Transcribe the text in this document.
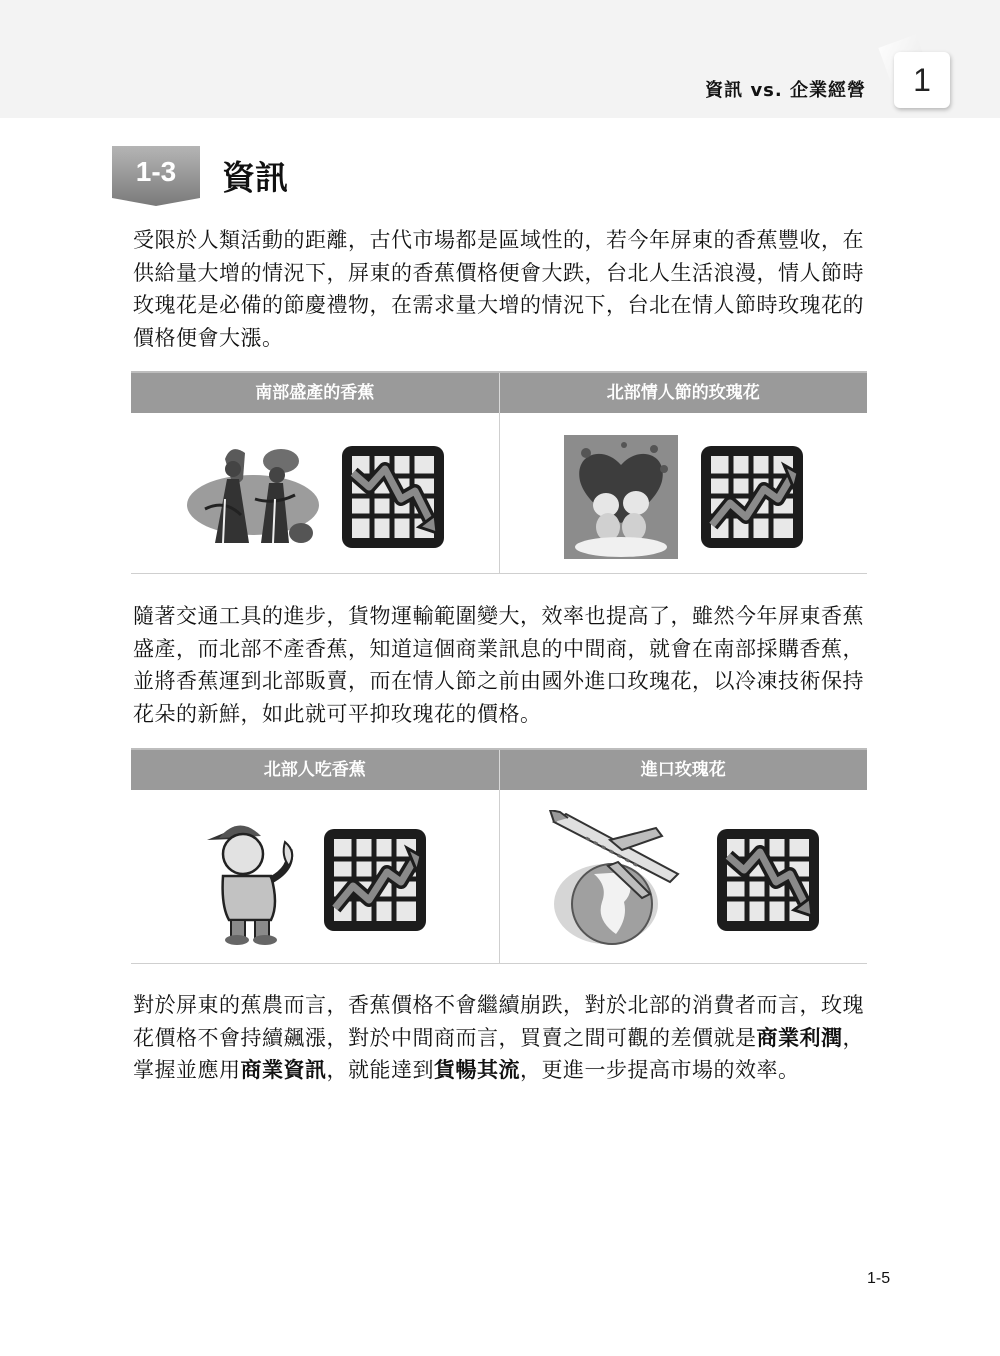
資訊 vs. 企業經營	1
1-3	資訊
受限於人類活動的距離，古代市場都是區域性的，若今年屏東的香蕉豐收，在供給量大增的情況下，屏東的香蕉價格便會大跌，台北人生活浪漫，情人節時玫瑰花是必備的節慶禮物，在需求量大增的情況下，台北在情人節時玫瑰花的價格便會大漲。
南部盛產的香蕉	北部情人節的玫瑰花
隨著交通工具的進步，貨物運輸範圍變大，效率也提高了，雖然今年屏東香蕉盛產，而北部不產香蕉，知道這個商業訊息的中間商，就會在南部採購香蕉，並將香蕉運到北部販賣，而在情人節之前由國外進口玫瑰花，以冷凍技術保持花朵的新鮮，如此就可平抑玫瑰花的價格。
北部人吃香蕉	進口玫瑰花
對於屏東的蕉農而言，香蕉價格不會繼續崩跌，對於北部的消費者而言，玫瑰花價格不會持續飆漲，對於中間商而言，買賣之間可觀的差價就是商業利潤，掌握並應用商業資訊，就能達到貨暢其流，更進一步提高市場的效率。
1-5
